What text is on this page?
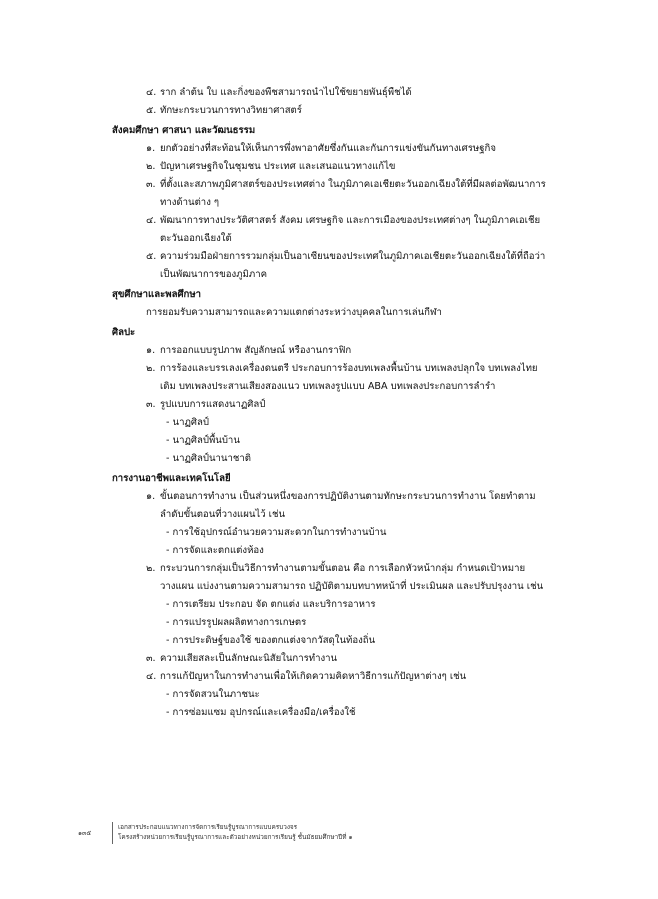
๔. ราก ลำต้น ใบ และกิ่งของพืชสามารถนำไปใช้ขยายพันธุ์พืชได้
๕. ทักษะกระบวนการทางวิทยาศาสตร์
สังคมศึกษา ศาสนา และวัฒนธรรม
๑. ยกตัวอย่างที่สะท้อนให้เห็นการพึ่งพาอาศัยซึ่งกันและกันการแข่งขันกันทางเศรษฐกิจ
๒. ปัญหาเศรษฐกิจในชุมชน ประเทศ และเสนอแนวทางแก้ไข
๓. ที่ตั้งและสภาพภูมิศาสตร์ของประเทศต่าง ในภูมิภาคเอเชียตะวันออกเฉียงใต้ที่มีผลต่อพัฒนาการทางด้านต่าง ๆ
๔. พัฒนาการทางประวัติศาสตร์ สังคม เศรษฐกิจ และการเมืองของประเทศต่างๆ ในภูมิภาคเอเชียตะวันออกเฉียงใต้
๕. ความร่วมมือฝ่ายการรวมกลุ่มเป็นอาเซียนของประเทศในภูมิภาคเอเชียตะวันออกเฉียงใต้ที่ถือว่าเป็นพัฒนาการของภูมิภาค
สุขศึกษาและพลศึกษา
การยอมรับความสามารถและความแตกต่างระหว่างบุคคลในการเล่นกีฬา
ศิลปะ
๑. การออกแบบรูปภาพ สัญลักษณ์ หรืองานกราฟิก
๒. การร้องและบรรเลงเครื่องดนตรี ประกอบการร้องบทเพลงพื้นบ้าน บทเพลงปลุกใจ บทเพลงไทยเดิม บทเพลงประสานเสียงสองแนว บทเพลงรูปแบบ ABA บทเพลงประกอบการลำรำ
๓. รูปแบบการแสดงนาฏศิลป์
- นาฏศิลป์
- นาฏศิลป์พื้นบ้าน
- นาฏศิลป์นานาชาติ
การงานอาชีพและเทคโนโลยี
๑. ขั้นตอนการทำงาน เป็นส่วนหนึ่งของการปฏิบัติงานตามทักษะกระบวนการทำงาน โดยทำตามลำดับขั้นตอนที่วางแผนไว้ เช่น
- การใช้อุปกรณ์อำนวยความสะดวกในการทำงานบ้าน
- การจัดและตกแต่งห้อง
๒. กระบวนการกลุ่มเป็นวิธีการทำงานตามขั้นตอน คือ การเลือกหัวหน้ากลุ่ม กำหนดเป้าหมาย วางแผน แบ่งงานตามความสามารถ ปฏิบัติตามบทบาทหน้าที่ ประเมินผล และปรับปรุงงาน เช่น
- การเตรียม ประกอบ จัด ตกแต่ง และบริการอาหาร
- การแปรรูปผลผลิตทางการเกษตร
- การประดิษฐ์ของใช้ ของตกแต่งจากวัสดุในท้องถิ่น
๓. ความเสียสละเป็นลักษณะนิสัยในการทำงาน
๔. การแก้ปัญหาในการทำงานเพื่อให้เกิดความคิดหาวิธีการแก้ปัญหาต่างๆ เช่น
- การจัดสวนในภาชนะ
- การซ่อมแซม อุปกรณ์และเครื่องมือ/เครื่องใช้
๑๓๕
เอกสารประกอบแนวทางการจัดการเรียนรู้บูรณาการแบบครบวงจร
โครงสร้างหน่วยการเรียนรู้บูรณาการและตัวอย่างหน่วยการเรียนรู้ ชั้นมัธยมศึกษาปีที่ ๑
